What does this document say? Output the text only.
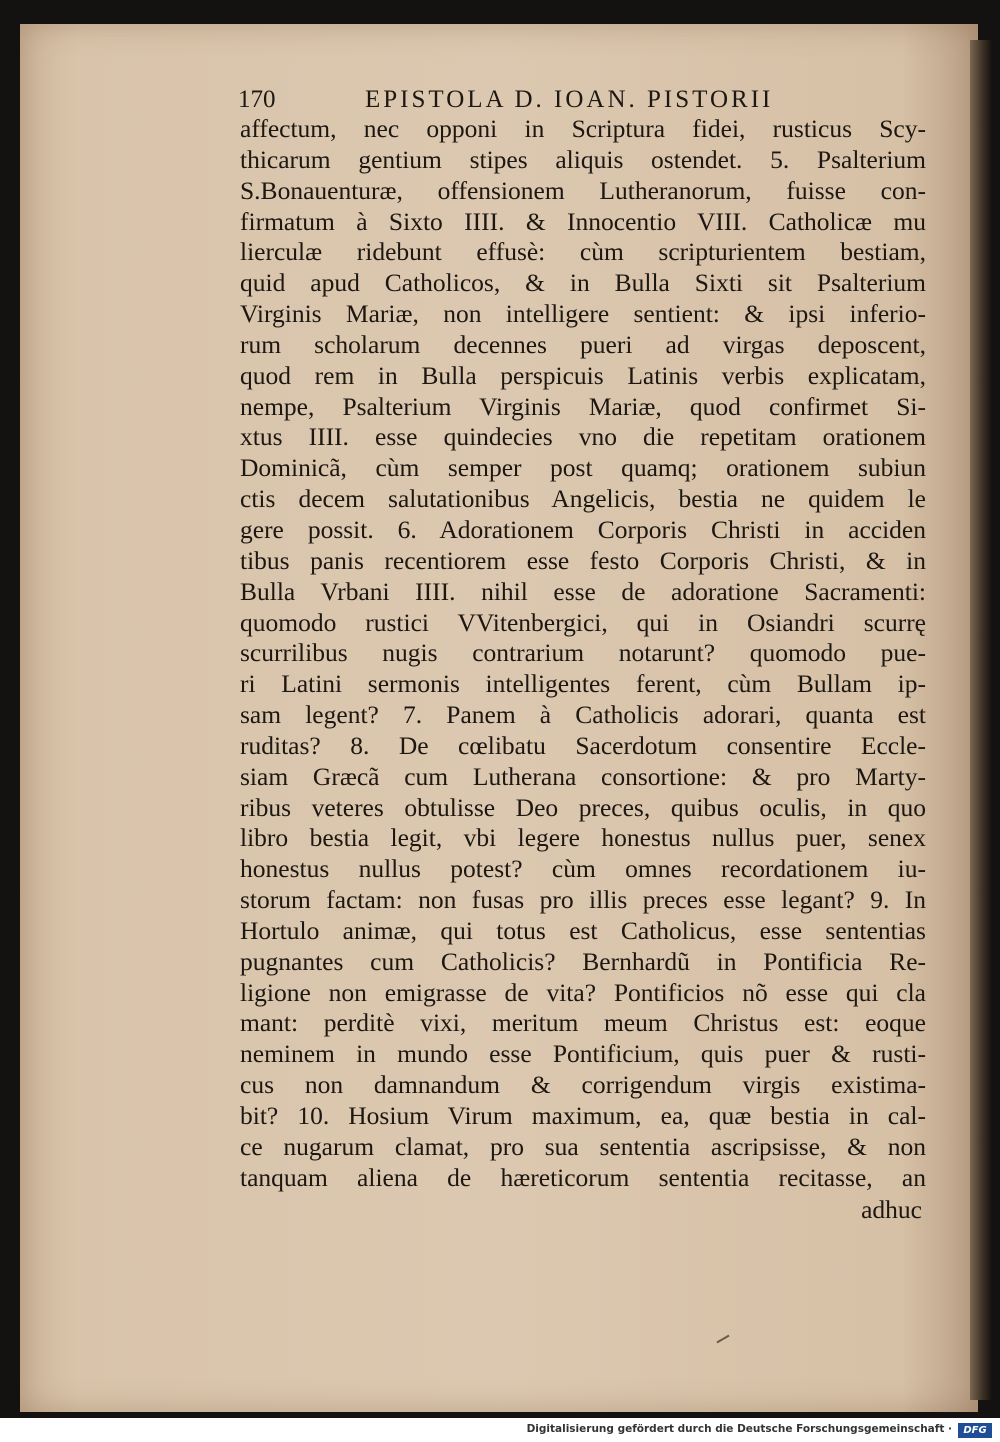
170	EPISTOLA D. IOAN. PISTORII
affectum, nec opponi in Scriptura fidei, rusticus Scy-
thicarum gentium stipes aliquis ostendet. 5. Psalterium
S.Bonauenturæ, offensionem Lutheranorum, fuisse con-
firmatum à Sixto IIII. & Innocentio VIII. Catholicæ mu
lierculæ ridebunt effusè: cùm scripturientem bestiam,
quid apud Catholicos, & in Bulla Sixti sit Psalterium
Virginis Mariæ, non intelligere sentient: & ipsi inferio-
rum scholarum decennes pueri ad virgas deposcent,
quod rem in Bulla perspicuis Latinis verbis explicatam,
nempe, Psalterium Virginis Mariæ, quod confirmet Si-
xtus IIII. esse quindecies vno die repetitam orationem
Dominicã, cùm semper post quamq; orationem subiun
ctis decem salutationibus Angelicis, bestia ne quidem le
gere possit. 6. Adorationem Corporis Christi in acciden
tibus panis recentiorem esse festo Corporis Christi, & in
Bulla Vrbani IIII. nihil esse de adoratione Sacramenti:
quomodo rustici VVitenbergici, qui in Osiandri scurrę
scurrilibus nugis contrarium notarunt? quomodo pue-
ri Latini sermonis intelligentes ferent, cùm Bullam ip-
sam legent? 7. Panem à Catholicis adorari, quanta est
ruditas? 8. De cœlibatu Sacerdotum consentire Eccle-
siam Græcã cum Lutherana consortione: & pro Marty-
ribus veteres obtulisse Deo preces, quibus oculis, in quo
libro bestia legit, vbi legere honestus nullus puer, senex
honestus nullus potest? cùm omnes recordationem iu-
storum factam: non fusas pro illis preces esse legant? 9. In
Hortulo animæ, qui totus est Catholicus, esse sententias
pugnantes cum Catholicis? Bernhardũ in Pontificia Re-
ligione non emigrasse de vita? Pontificios nõ esse qui cla
mant: perditè vixi, meritum meum Christus est: eoque
neminem in mundo esse Pontificium, quis puer & rusti-
cus non damnandum & corrigendum virgis existima-
bit? 10. Hosium Virum maximum, ea, quæ bestia in cal-
ce nugarum clamat, pro sua sententia ascripsisse, & non
tanquam aliena de hæreticorum sententia recitasse, an
adhuc
Digitalisierung gefördert durch die Deutsche Forschungsgemeinschaft ·	DFG
